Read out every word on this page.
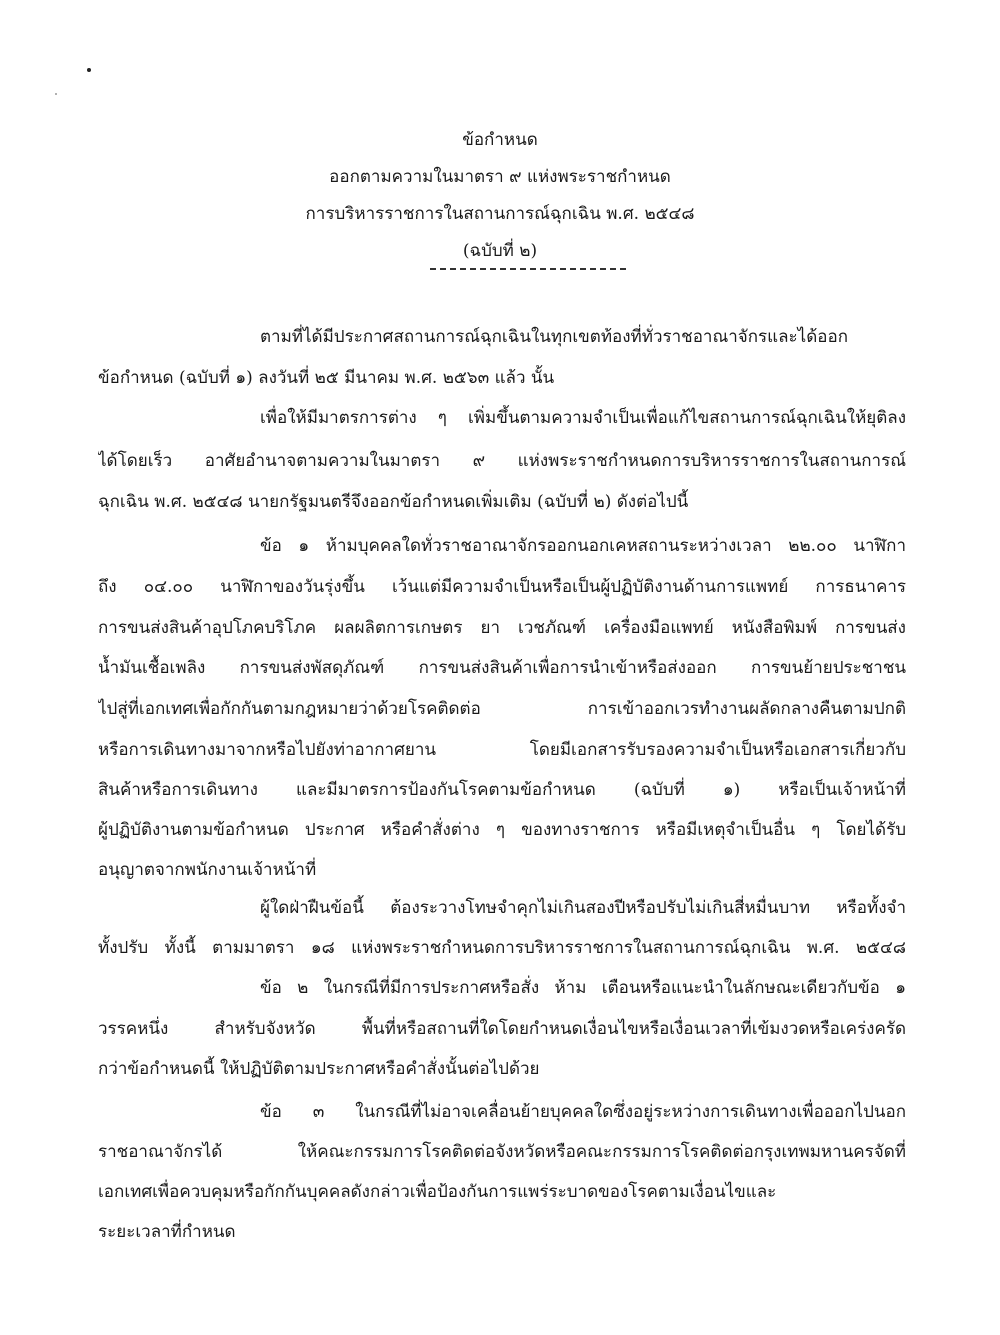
ข้อกำหนด
ออกตามความในมาตรา ๙ แห่งพระราชกำหนด
การบริหารราชการในสถานการณ์ฉุกเฉิน พ.ศ. ๒๕๔๘
(ฉบับที่ ๒)
ตามที่ได้มีประกาศสถานการณ์ฉุกเฉินในทุกเขตท้องที่ทั่วราชอาณาจักรและได้ออก
ข้อกำหนด (ฉบับที่ ๑) ลงวันที่ ๒๕ มีนาคม พ.ศ. ๒๕๖๓ แล้ว นั้น
เพื่อให้มีมาตรการต่าง ๆ เพิ่มขึ้นตามความจำเป็นเพื่อแก้ไขสถานการณ์ฉุกเฉินให้ยุติลง
ได้โดยเร็ว อาศัยอำนาจตามความในมาตรา ๙ แห่งพระราชกำหนดการบริหารราชการในสถานการณ์
ฉุกเฉิน พ.ศ. ๒๕๔๘ นายกรัฐมนตรีจึงออกข้อกำหนดเพิ่มเติม (ฉบับที่ ๒) ดังต่อไปนี้
ข้อ ๑ ห้ามบุคคลใดทั่วราชอาณาจักรออกนอกเคหสถานระหว่างเวลา ๒๒.๐๐ นาฬิกา
ถึง ๐๔.๐๐ นาฬิกาของวันรุ่งขึ้น เว้นแต่มีความจำเป็นหรือเป็นผู้ปฏิบัติงานด้านการแพทย์ การธนาคาร
การขนส่งสินค้าอุปโภคบริโภค ผลผลิตการเกษตร ยา เวชภัณฑ์ เครื่องมือแพทย์ หนังสือพิมพ์ การขนส่ง
น้ำมันเชื้อเพลิง การขนส่งพัสดุภัณฑ์ การขนส่งสินค้าเพื่อการนำเข้าหรือส่งออก การขนย้ายประชาชน
ไปสู่ที่เอกเทศเพื่อกักกันตามกฎหมายว่าด้วยโรคติดต่อ การเข้าออกเวรทำงานผลัดกลางคืนตามปกติ
หรือการเดินทางมาจากหรือไปยังท่าอากาศยาน โดยมีเอกสารรับรองความจำเป็นหรือเอกสารเกี่ยวกับ
สินค้าหรือการเดินทาง และมีมาตรการป้องกันโรคตามข้อกำหนด (ฉบับที่ ๑) หรือเป็นเจ้าหน้าที่
ผู้ปฏิบัติงานตามข้อกำหนด ประกาศ หรือคำสั่งต่าง ๆ ของทางราชการ หรือมีเหตุจำเป็นอื่น ๆ โดยได้รับ
อนุญาตจากพนักงานเจ้าหน้าที่
ผู้ใดฝ่าฝืนข้อนี้ ต้องระวางโทษจำคุกไม่เกินสองปีหรือปรับไม่เกินสี่หมื่นบาท หรือทั้งจำ
ทั้งปรับ ทั้งนี้ ตามมาตรา ๑๘ แห่งพระราชกำหนดการบริหารราชการในสถานการณ์ฉุกเฉิน พ.ศ. ๒๕๔๘
ข้อ ๒ ในกรณีที่มีการประกาศหรือสั่ง ห้าม เตือนหรือแนะนำในลักษณะเดียวกับข้อ ๑
วรรคหนึ่ง สำหรับจังหวัด พื้นที่หรือสถานที่ใดโดยกำหนดเงื่อนไขหรือเงื่อนเวลาที่เข้มงวดหรือเคร่งครัด
กว่าข้อกำหนดนี้ ให้ปฏิบัติตามประกาศหรือคำสั่งนั้นต่อไปด้วย
ข้อ ๓ ในกรณีที่ไม่อาจเคลื่อนย้ายบุคคลใดซึ่งอยู่ระหว่างการเดินทางเพื่อออกไปนอก
ราชอาณาจักรได้ ให้คณะกรรมการโรคติดต่อจังหวัดหรือคณะกรรมการโรคติดต่อกรุงเทพมหานครจัดที่
เอกเทศเพื่อควบคุมหรือกักกันบุคคลดังกล่าวเพื่อป้องกันการแพร่ระบาดของโรคตามเงื่อนไขและ
ระยะเวลาที่กำหนด
